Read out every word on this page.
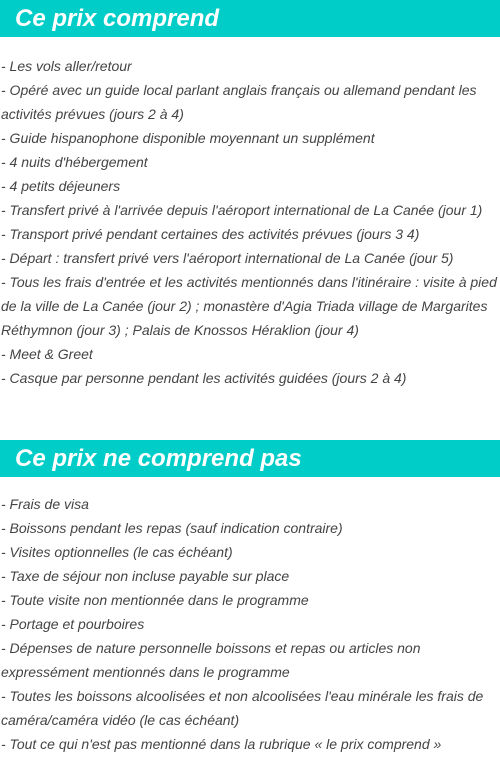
Ce prix comprend
- Les vols aller/retour
- Opéré avec un guide local parlant anglais français ou allemand pendant les activités prévues (jours 2 à 4)
- Guide hispanophone disponible moyennant un supplément
- 4 nuits d'hébergement
- 4 petits déjeuners
- Transfert privé à l'arrivée depuis l'aéroport international de La Canée (jour 1)
- Transport privé pendant certaines des activités prévues (jours 3 4)
- Départ : transfert privé vers l'aéroport international de La Canée (jour 5)
- Tous les frais d'entrée et les activités mentionnés dans l'itinéraire : visite à pied de la ville de La Canée (jour 2) ; monastère d'Agia Triada village de Margarites Réthymnon (jour 3) ; Palais de Knossos Héraklion (jour 4)
- Meet & Greet
- Casque par personne pendant les activités guidées (jours 2 à 4)
Ce prix ne comprend pas
- Frais de visa
- Boissons pendant les repas (sauf indication contraire)
- Visites optionnelles (le cas échéant)
- Taxe de séjour non incluse payable sur place
- Toute visite non mentionnée dans le programme
- Portage et pourboires
- Dépenses de nature personnelle boissons et repas ou articles non expressément mentionnés dans le programme
- Toutes les boissons alcoolisées et non alcoolisées l'eau minérale les frais de caméra/caméra vidéo (le cas échéant)
- Tout ce qui n'est pas mentionné dans la rubrique « le prix comprend »
